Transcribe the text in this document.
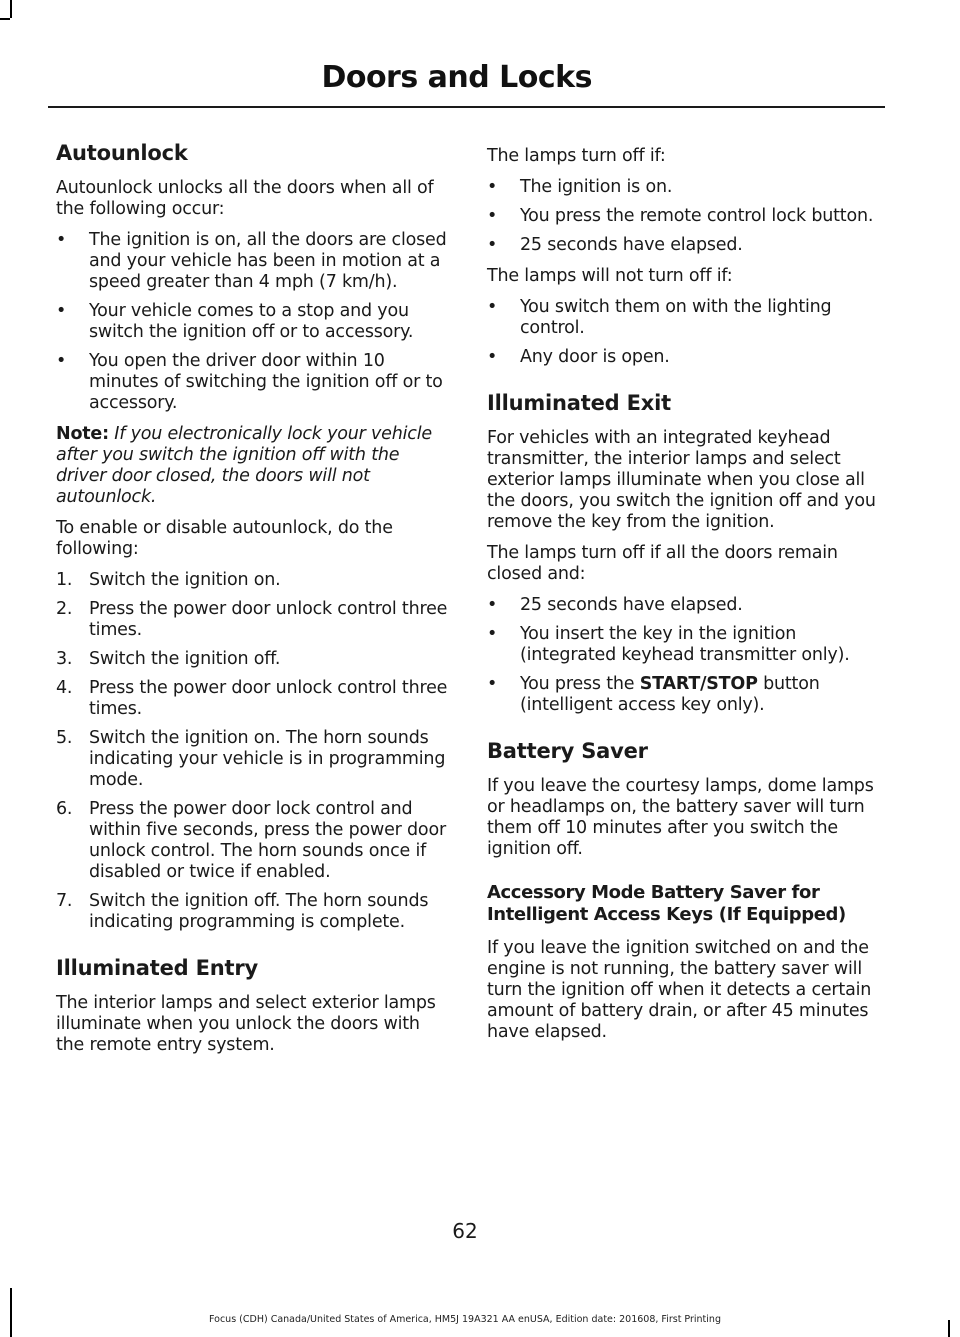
Doors and Locks
Autounlock

Autounlock unlocks all the doors when all of the following occur:

•	The ignition is on, all the doors are closed and your vehicle has been in motion at a speed greater than 4 mph (7 km/h).
•	Your vehicle comes to a stop and you switch the ignition off or to accessory.
•	You open the driver door within 10 minutes of switching the ignition off or to accessory.

Note: If you electronically lock your vehicle after you switch the ignition off with the driver door closed, the doors will not autounlock.

To enable or disable autounlock, do the following:

1. Switch the ignition on.
2. Press the power door unlock control three times.
3. Switch the ignition off.
4. Press the power door unlock control three times.
5. Switch the ignition on. The horn sounds indicating your vehicle is in programming mode.
6. Press the power door lock control and within five seconds, press the power door unlock control. The horn sounds once if disabled or twice if enabled.
7. Switch the ignition off. The horn sounds indicating programming is complete.
Illuminated Entry

The interior lamps and select exterior lamps illuminate when you unlock the doors with the remote entry system.

The lamps turn off if:

•	The ignition is on.
•	You press the remote control lock button.
•	25 seconds have elapsed.

The lamps will not turn off if:

•	You switch them on with the lighting control.
•	Any door is open.
Illuminated Exit

For vehicles with an integrated keyhead transmitter, the interior lamps and select exterior lamps illuminate when you close all the doors, you switch the ignition off and you remove the key from the ignition.

The lamps turn off if all the doors remain closed and:

•	25 seconds have elapsed.
•	You insert the key in the ignition (integrated keyhead transmitter only).
•	You press the START/STOP button (intelligent access key only).
Battery Saver

If you leave the courtesy lamps, dome lamps or headlamps on, the battery saver will turn them off 10 minutes after you switch the ignition off.

Accessory Mode Battery Saver for Intelligent Access Keys (If Equipped)

If you leave the ignition switched on and the engine is not running, the battery saver will turn the ignition off when it detects a certain amount of battery drain, or after 45 minutes have elapsed.

62
Focus (CDH) Canada/United States of America, HM5J 19A321 AA enUSA, Edition date: 201608, First Printing
